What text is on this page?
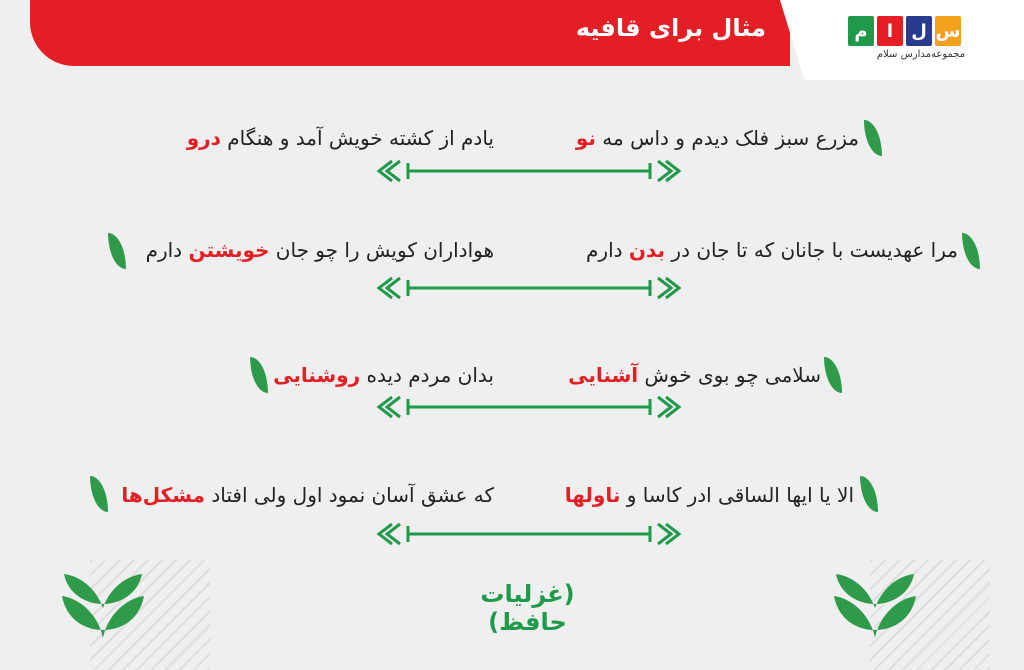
مثال برای قافیه	م	ا	ل س
مجموعه‌مدارس سلام
مزرع سبز فلک دیدم و داس مه نو
یادم از کشته خویش آمد و هنگام درو
مرا عهدیست با جانان که تا جان در بدن دارم
هواداران کویش را چو جان خویشتن دارم
سلامی چو بوی خوش آشنایی
بدان مردم دیده روشنایی
الا یا ایها الساقی ادر کاسا و ناولها
که عشق آسان نمود اول ولی افتاد مشکل‌ها
(غزلیات حافظ)
